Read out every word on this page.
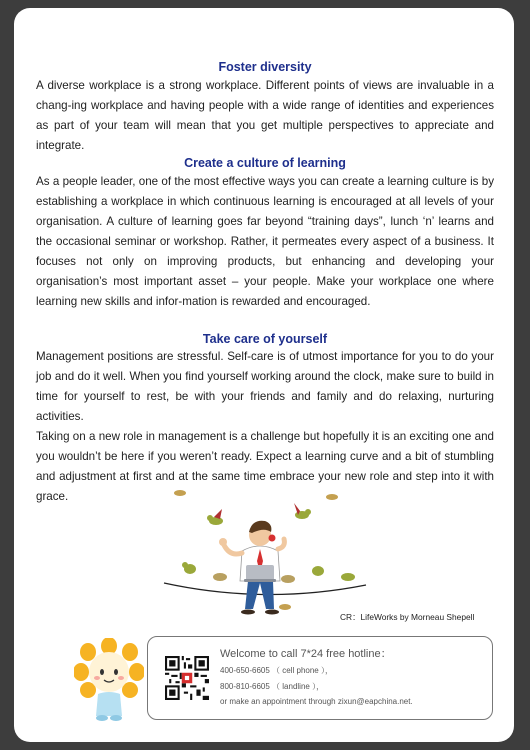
Foster diversity

A diverse workplace is a strong workplace. Different points of views are invaluable in a chang-ing workplace and having people with a wide range of identities and experiences as part of your team will mean that you get multiple perspectives to appreciate and integrate.

Create a culture of learning

As a people leader, one of the most effective ways you can create a learning culture is by establishing a workplace in which continuous learning is encouraged at all levels of your organisation. A culture of learning goes far beyond “training days”, lunch ‘n’ learns and the occasional seminar or workshop. Rather, it permeates every aspect of a business. It focuses not only on improving products, but enhancing and developing your organisation’s most important asset – your people. Make your workplace one where learning new skills and infor-mation is rewarded and encouraged.

Take care of yourself

Management positions are stressful. Self-care is of utmost importance for you to do your job and do it well. When you find yourself working around the clock, make sure to build in time for yourself to rest, be with your friends and family and do relaxing, nurturing activities.

Taking on a new role in management is a challenge but hopefully it is an exciting one and you wouldn’t be here if you weren’t ready. Expect a learning curve and a bit of stumbling and adjustment at first and at the same time embrace your new role and step into it with grace.

CR：LifeWorks by Morneau Shepell
Welcome to call 7*24 free hotline：
400-650-6605 （ cell phone ），
800-810-6605 （ landline ），
or make an appointment through zixun@eapchina.net.
